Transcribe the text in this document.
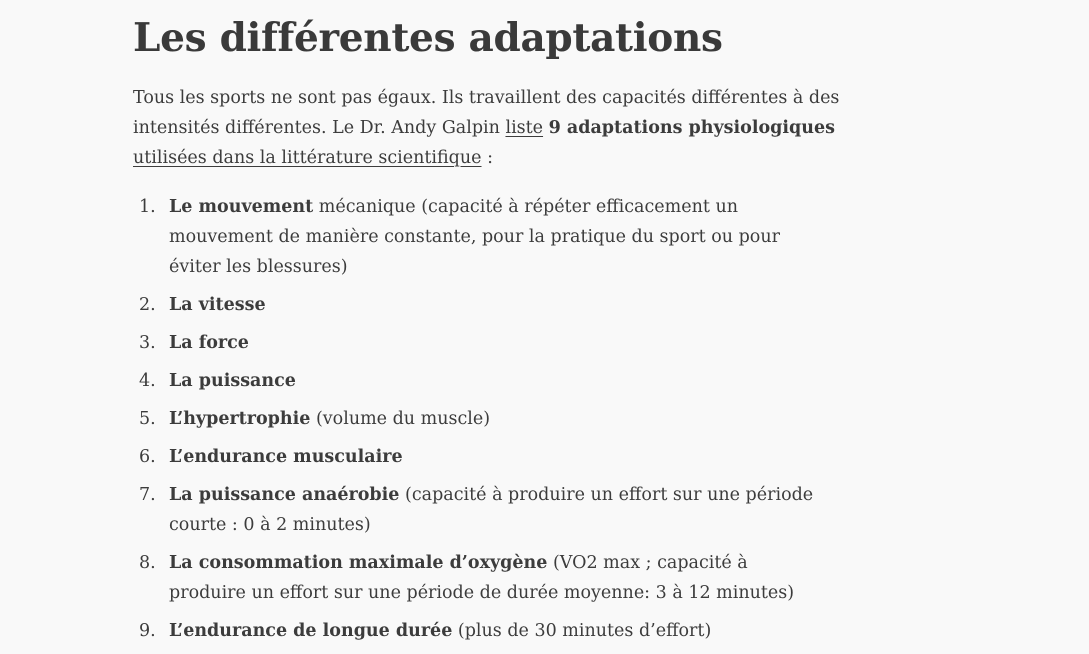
Les différentes adaptations

Tous les sports ne sont pas égaux. Ils travaillent des capacités différentes à des intensités différentes. Le Dr. Andy Galpin liste 9 adaptations physiologiques utilisées dans la littérature scientifique :

1. Le mouvement mécanique (capacité à répéter efficacement un mouvement de manière constante, pour la pratique du sport ou pour éviter les blessures)
2. La vitesse
3. La force
4. La puissance
5. L’hypertrophie (volume du muscle)
6. L’endurance musculaire
7. La puissance anaérobie (capacité à produire un effort sur une période courte : 0 à 2 minutes)
8. La consommation maximale d’oxygène (VO2 max ; capacité à produire un effort sur une période de durée moyenne: 3 à 12 minutes)
9. L’endurance de longue durée (plus de 30 minutes d’effort)
